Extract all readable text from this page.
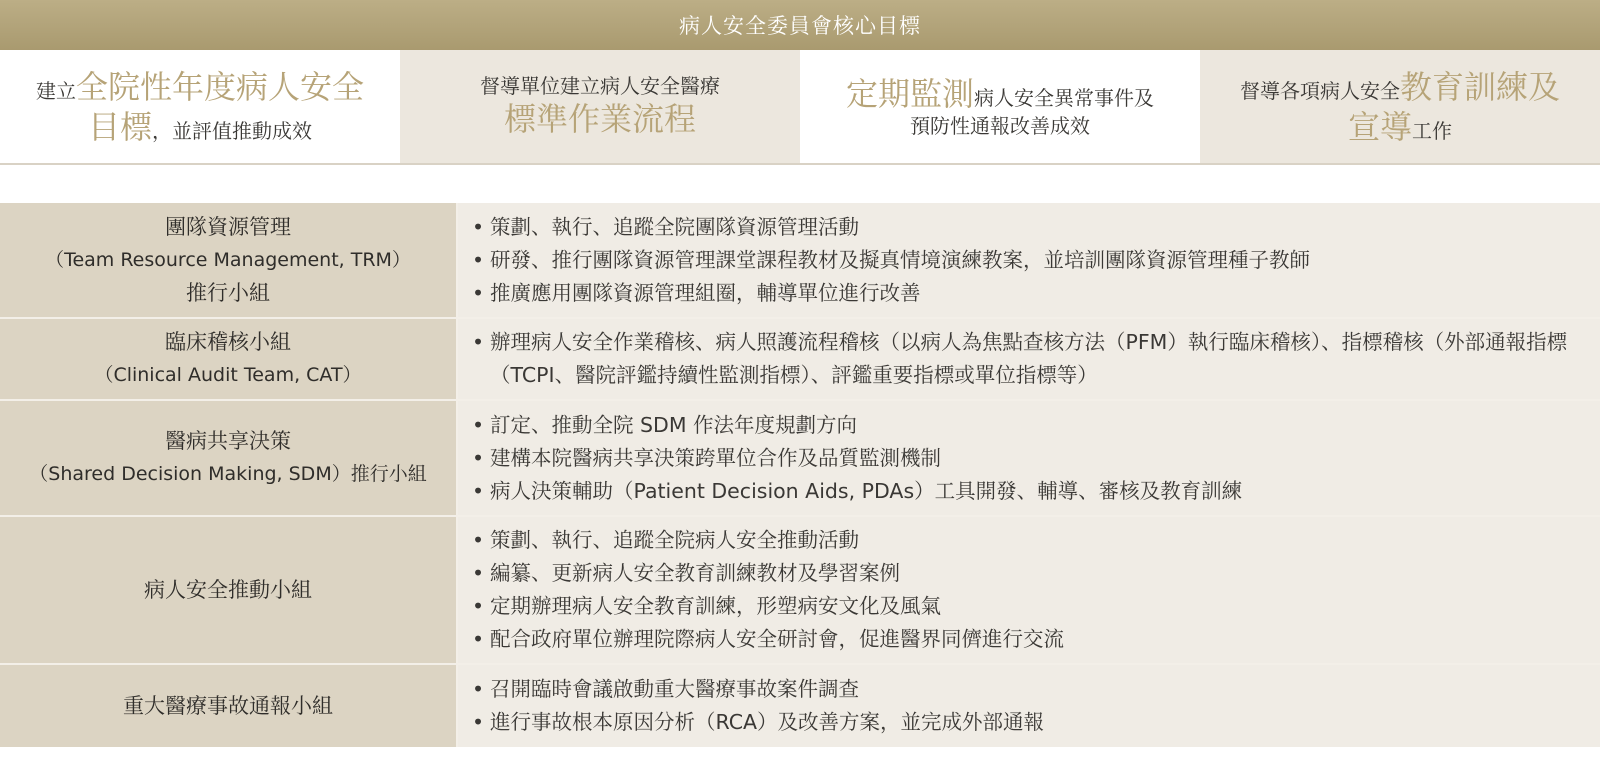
病人安全委員會核心目標
建立全院性年度病人安全
目標，並評值推動成效
督導單位建立病人安全醫療
標準作業流程
定期監測病人安全異常事件及
預防性通報改善成效
督導各項病人安全教育訓練及
宣導工作
團隊資源管理
（Team Resource Management, TRM）
推行小組
• 策劃、執行、追蹤全院團隊資源管理活動
• 研發、推行團隊資源管理課堂課程教材及擬真情境演練教案，並培訓團隊資源管理種子教師
• 推廣應用團隊資源管理組圈，輔導單位進行改善
臨床稽核小組
（Clinical Audit Team, CAT）
• 辦理病人安全作業稽核、病人照護流程稽核（以病人為焦點查核方法（PFM）執行臨床稽核）、指標稽核（外部通報指標（TCPI、醫院評鑑持續性監測指標）、評鑑重要指標或單位指標等）
醫病共享決策
（Shared Decision Making, SDM）推行小組
• 訂定、推動全院 SDM 作法年度規劃方向
• 建構本院醫病共享決策跨單位合作及品質監測機制
• 病人決策輔助（Patient Decision Aids, PDAs）工具開發、輔導、審核及教育訓練
病人安全推動小組
• 策劃、執行、追蹤全院病人安全推動活動
• 編纂、更新病人安全教育訓練教材及學習案例
• 定期辦理病人安全教育訓練，形塑病安文化及風氣
• 配合政府單位辦理院際病人安全研討會，促進醫界同儕進行交流
重大醫療事故通報小組
• 召開臨時會議啟動重大醫療事故案件調查
• 進行事故根本原因分析（RCA）及改善方案，並完成外部通報
